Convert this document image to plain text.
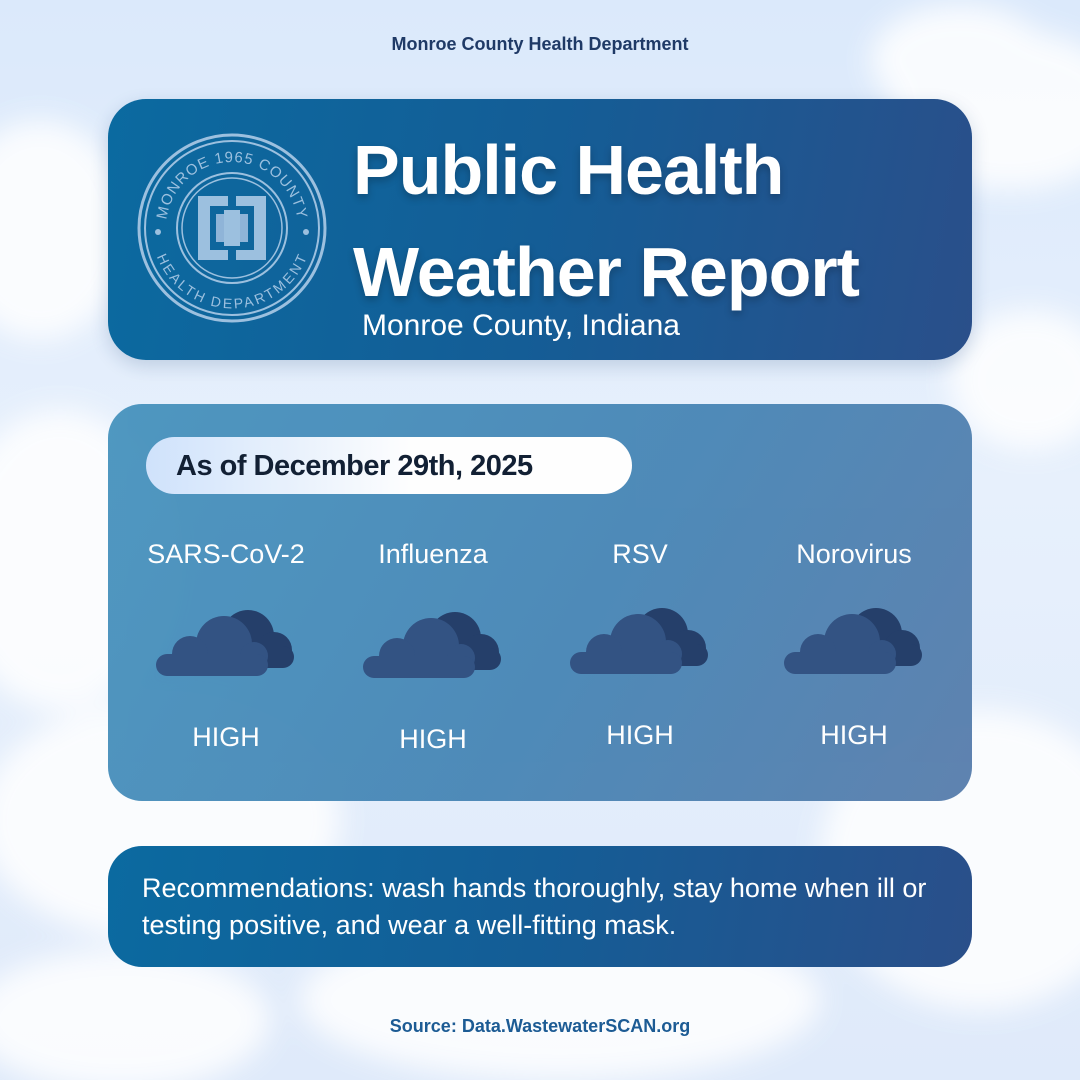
Monroe County Health Department
MONROE 1965 COUNTY
HEALTH DEPARTMENT
Public Health
Weather Report
Monroe County, Indiana
As of December 29th, 2025
SARS-CoV-2
HIGH
Influenza
HIGH
RSV
HIGH
Norovirus
HIGH

Recommendations: wash hands thoroughly, stay home when ill or testing positive, and wear a well-fitting mask.

Source: Data.WastewaterSCAN.org
